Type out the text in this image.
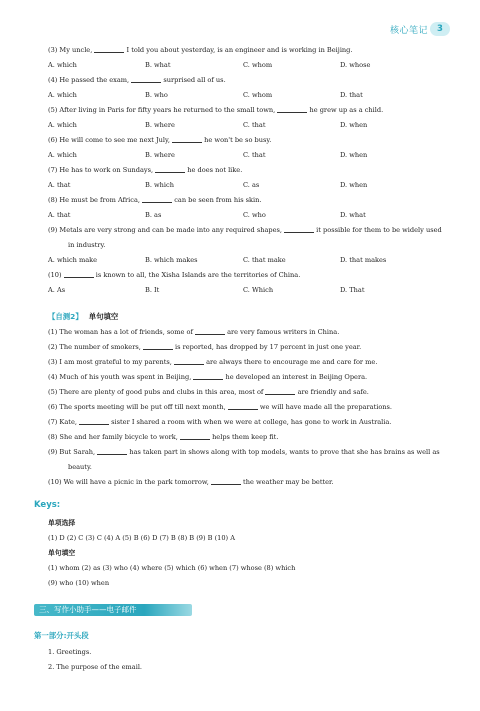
核心笔记	3
(3) My uncle,	I told you about yesterday, is an engineer and is working in Beijing.
A. which	B. what	C. whom	D. whose
(4) He passed the exam,	surprised all of us.
A. which	B. who	C. whom	D. that
(5) After living in Paris for fifty years he returned to the small town,	he grew up as a child.
A. which	B. where	C. that	D. when
(6) He will come to see me next July,	he won't be so busy.
A. which	B. where	C. that	D. when
(7) He has to work on Sundays,	he does not like.
A. that	B. which	C. as	D. when
(8) He must be from Africa,	can be seen from his skin.
A. that	B. as	C. who	D. what
(9) Metals are very strong and can be made into any required shapes,	it possible for them to be widely used
in industry.
A. which make	B. which makes	C. that make	D. that makes
(10)	is known to all, the Xisha Islands are the territories of China.
A. As	B. It	C. Which	D. That
【自测2】 单句填空
(1) The woman has a lot of friends, some of	are very famous writers in China.
(2) The number of smokers,	is reported, has dropped by 17 percent in just one year.
(3) I am most grateful to my parents,	are always there to encourage me and care for me.
(4) Much of his youth was spent in Beijing,	he developed an interest in Beijing Opera.
(5) There are plenty of good pubs and clubs in this area, most of	are friendly and safe.
(6) The sports meeting will be put off till next month,	we will have made all the preparations.
(7) Kate,	sister I shared a room with when we were at college, has gone to work in Australia.
(8) She and her family bicycle to work,	helps them keep fit.
(9) But Sarah,	has taken part in shows along with top models, wants to prove that she has brains as well as
beauty.
(10) We will have a picnic in the park tomorrow,	the weather may be better.
Keys:
单项选择
(1) D (2) C (3) C (4) A (5) B (6) D (7) B (8) B (9) B (10) A
单句填空
(1) whom (2) as (3) who (4) where (5) which (6) when (7) whose (8) which
(9) who (10) when
三、写作小助手——电子邮件
第一部分:开头段
1. Greetings.
2. The purpose of the email.
